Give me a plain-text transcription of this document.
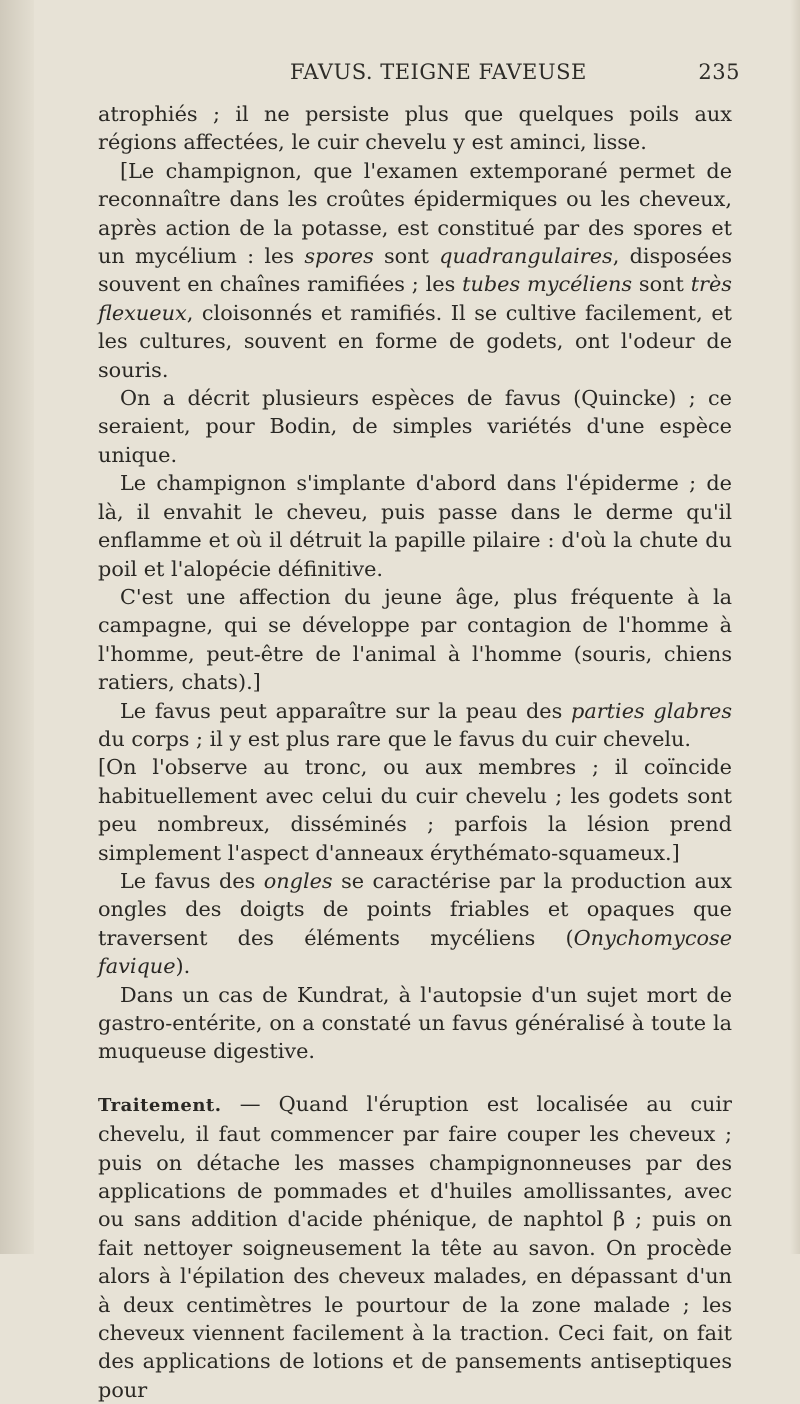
FAVUS. TEIGNE FAVEUSE	235

atrophiés ; il ne persiste plus que quelques poils aux régions affectées, le cuir chevelu y est aminci, lisse.

[Le champignon, que l'examen extemporané permet de reconnaître dans les croûtes épidermiques ou les cheveux, après action de la potasse, est constitué par des spores et un mycélium : les spores sont quadrangulaires, disposées souvent en chaînes ramifiées ; les tubes mycéliens sont très flexueux, cloisonnés et ramifiés. Il se cultive facilement, et les cultures, souvent en forme de godets, ont l'odeur de souris.

On a décrit plusieurs espèces de favus (Quincke) ; ce seraient, pour Bodin, de simples variétés d'une espèce unique.

Le champignon s'implante d'abord dans l'épiderme ; de là, il envahit le cheveu, puis passe dans le derme qu'il enflamme et où il détruit la papille pilaire : d'où la chute du poil et l'alopécie définitive.

C'est une affection du jeune âge, plus fréquente à la campagne, qui se développe par contagion de l'homme à l'homme, peut-être de l'animal à l'homme (souris, chiens ratiers, chats).]

Le favus peut apparaître sur la peau des parties glabres du corps ; il y est plus rare que le favus du cuir chevelu.

[On l'observe au tronc, ou aux membres ; il coïncide habituellement avec celui du cuir chevelu ; les godets sont peu nombreux, disséminés ; parfois la lésion prend simplement l'aspect d'anneaux érythémato-squameux.]

Le favus des ongles se caractérise par la production aux ongles des doigts de points friables et opaques que traversent des éléments mycéliens (Onychomycose favique).

Dans un cas de Kundrat, à l'autopsie d'un sujet mort de gastro-entérite, on a constaté un favus généralisé à toute la muqueuse digestive.

Traitement. — Quand l'éruption est localisée au cuir chevelu, il faut commencer par faire couper les cheveux ; puis on détache les masses champignonneuses par des applications de pommades et d'huiles amollissantes, avec ou sans addition d'acide phénique, de naphtol β ; puis on fait nettoyer soigneusement la tête au savon. On procède alors à l'épilation des cheveux malades, en dépassant d'un à deux centimètres le pourtour de la zone malade ; les cheveux viennent facilement à la traction. Ceci fait, on fait des applications de lotions et de pansements antiseptiques pour
